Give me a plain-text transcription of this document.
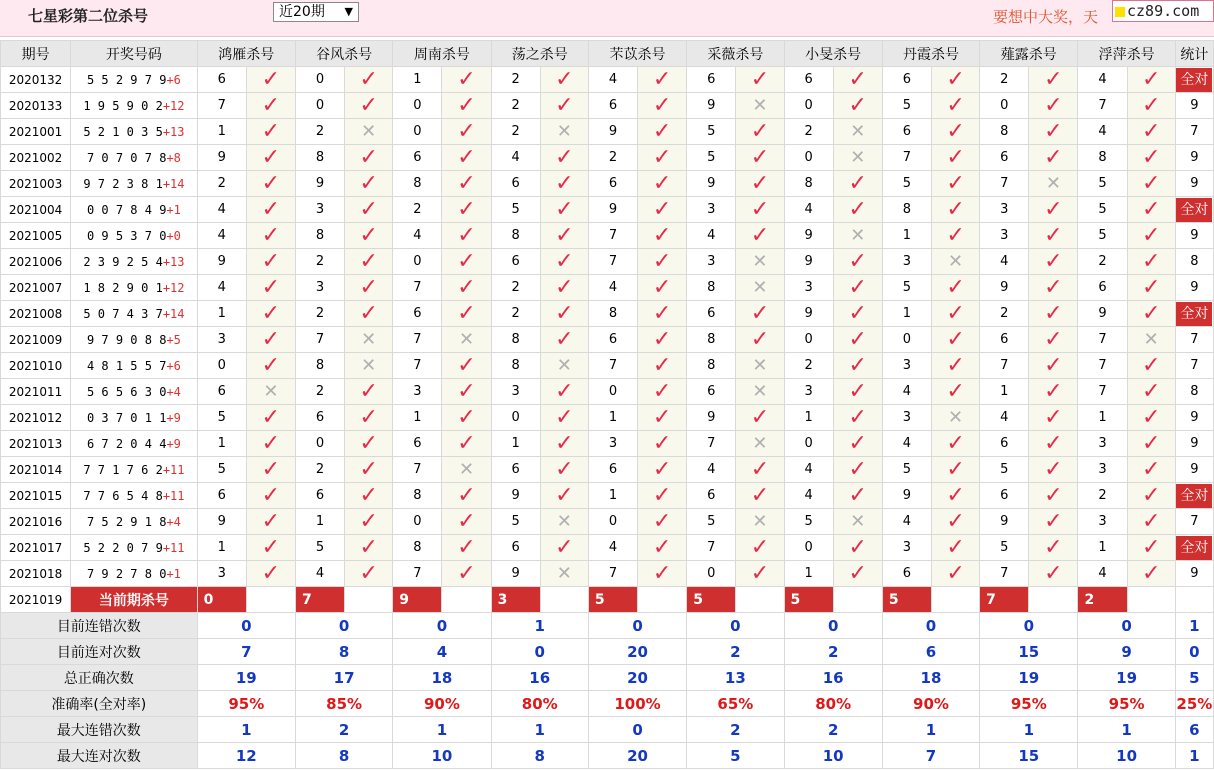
七星彩第二位杀号	近20期 ▼	要想中大奖，天	cz89.com
期号	开奖号码	鸿雁杀号		谷风杀号		周南杀号		荡之杀号		芣苡杀号		采薇杀号		小旻杀号		丹霞杀号		薤露杀号		浮萍杀号		统计
2020132	5 5 2 9 7 9+6	6	✓	0	✓	1	✓	2	✓	4	✓	6	✓	6	✓	6	✓	2	✓	4	✓	全对
2020133	1 9 5 9 0 2+12	7	✓	0	✓	0	✓	2	✓	6	✓	9	✕	0	✓	5	✓	0	✓	7	✓	9
2021001	5 2 1 0 3 5+13	1	✓	2	✕	0	✓	2	✕	9	✓	5	✓	2	✕	6	✓	8	✓	4	✓	7
2021002	7 0 7 0 7 8+8	9	✓	8	✓	6	✓	4	✓	2	✓	5	✓	0	✕	7	✓	6	✓	8	✓	9
2021003	9 7 2 3 8 1+14	2	✓	9	✓	8	✓	6	✓	6	✓	9	✓	8	✓	5	✓	7	✕	5	✓	9
2021004	0 0 7 8 4 9+1	4	✓	3	✓	2	✓	5	✓	9	✓	3	✓	4	✓	8	✓	3	✓	5	✓	全对
2021005	0 9 5 3 7 0+0	4	✓	8	✓	4	✓	8	✓	7	✓	4	✓	9	✕	1	✓	3	✓	5	✓	9
2021006	2 3 9 2 5 4+13	9	✓	2	✓	0	✓	6	✓	7	✓	3	✕	9	✓	3	✕	4	✓	2	✓	8
2021007	1 8 2 9 0 1+12	4	✓	3	✓	7	✓	2	✓	4	✓	8	✕	3	✓	5	✓	9	✓	6	✓	9
2021008	5 0 7 4 3 7+14	1	✓	2	✓	6	✓	2	✓	8	✓	6	✓	9	✓	1	✓	2	✓	9	✓	全对
2021009	9 7 9 0 8 8+5	3	✓	7	✕	7	✕	8	✓	6	✓	8	✓	0	✓	0	✓	6	✓	7	✕	7
2021010	4 8 1 5 5 7+6	0	✓	8	✕	7	✓	8	✕	7	✓	8	✕	2	✓	3	✓	7	✓	7	✓	7
2021011	5 6 5 6 3 0+4	6	✕	2	✓	3	✓	3	✓	0	✓	6	✕	3	✓	4	✓	1	✓	7	✓	8
2021012	0 3 7 0 1 1+9	5	✓	6	✓	1	✓	0	✓	1	✓	9	✓	1	✓	3	✕	4	✓	1	✓	9
2021013	6 7 2 0 4 4+9	1	✓	0	✓	6	✓	1	✓	3	✓	7	✕	0	✓	4	✓	6	✓	3	✓	9
2021014	7 7 1 7 6 2+11	5	✓	2	✓	7	✕	6	✓	6	✓	4	✓	4	✓	5	✓	5	✓	3	✓	9
2021015	7 7 6 5 4 8+11	6	✓	6	✓	8	✓	9	✓	1	✓	6	✓	4	✓	9	✓	6	✓	2	✓	全对
2021016	7 5 2 9 1 8+4	9	✓	1	✓	0	✓	5	✕	0	✓	5	✕	5	✕	4	✓	9	✓	3	✓	7
2021017	5 2 2 0 7 9+11	1	✓	5	✓	8	✓	6	✓	4	✓	7	✓	0	✓	3	✓	5	✓	1	✓	全对
2021018	7 9 2 7 8 0+1	3	✓	4	✓	7	✓	9	✕	7	✓	0	✓	1	✓	6	✓	7	✓	4	✓	9
2021019	当前期杀号	0		7		9		3		5		5		5		5		7		2		
目前连错次数		0		0		0		1		0		0		0		0		0		0		1
目前连对次数		7		8		4		0		20		2		2		6		15		9		0
总正确次数		19		17		18		16		20		13		16		18		19		19		5
准确率(全对率)		95%		85%		90%		80%		100%		65%		80%		90%		95%		95%		25%
最大连错次数		1		2		1		1		0		2		2		1		1		1		6
最大连对次数		12		8		10		8		20		5		10		7		15		10		1
